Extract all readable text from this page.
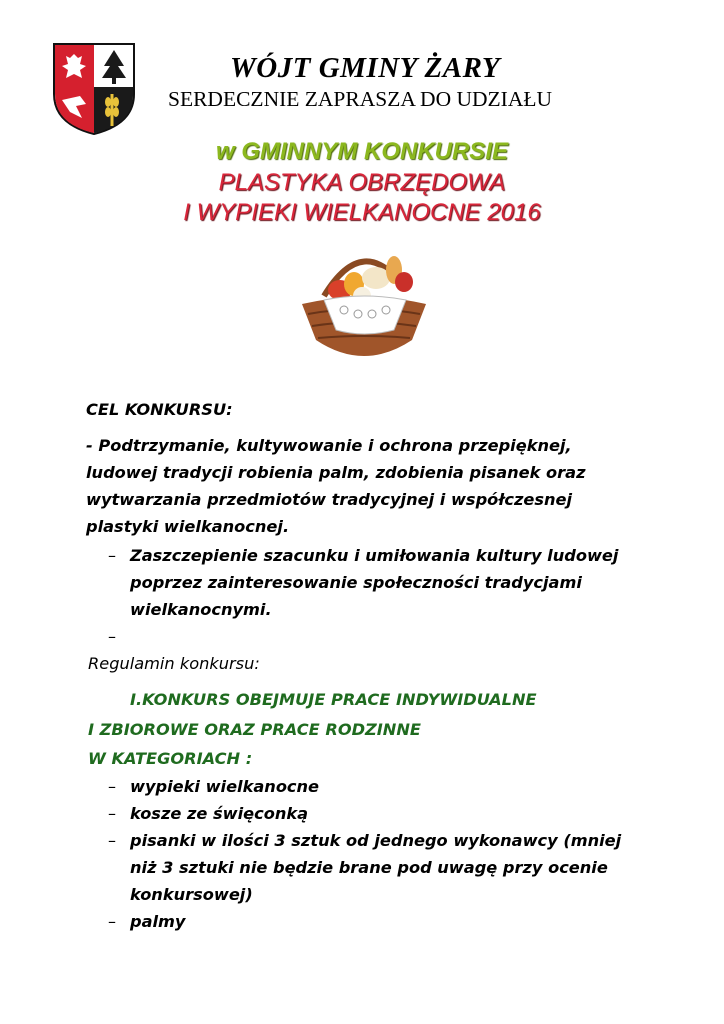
WÓJT GMINY ŻARY
SERDECZNIE ZAPRASZA DO UDZIAŁU
w GMINNYM KONKURSIE
PLASTYKA OBRZĘDOWA
I WYPIEKI WIELKANOCNE 2016
CEL KONKURSU:
- Podtrzymanie, kultywowanie i ochrona przepięknej,
ludowej tradycji robienia palm, zdobienia pisanek oraz
wytwarzania przedmiotów tradycyjnej i współczesnej
plastyki wielkanocnej.
– Zaszczepienie szacunku i umiłowania kultury ludowej
poprzez zainteresowanie społeczności tradycjami
wielkanocnymi.
–
Regulamin konkursu:
I.KONKURS OBEJMUJE PRACE INDYWIDUALNE
I ZBIOROWE ORAZ PRACE RODZINNE
W KATEGORIACH :
– wypieki wielkanocne
– kosze ze święconką
– pisanki w ilości 3 sztuk od jednego wykonawcy (mniej
niż 3 sztuki nie będzie brane pod uwagę przy ocenie
konkursowej)
– palmy
